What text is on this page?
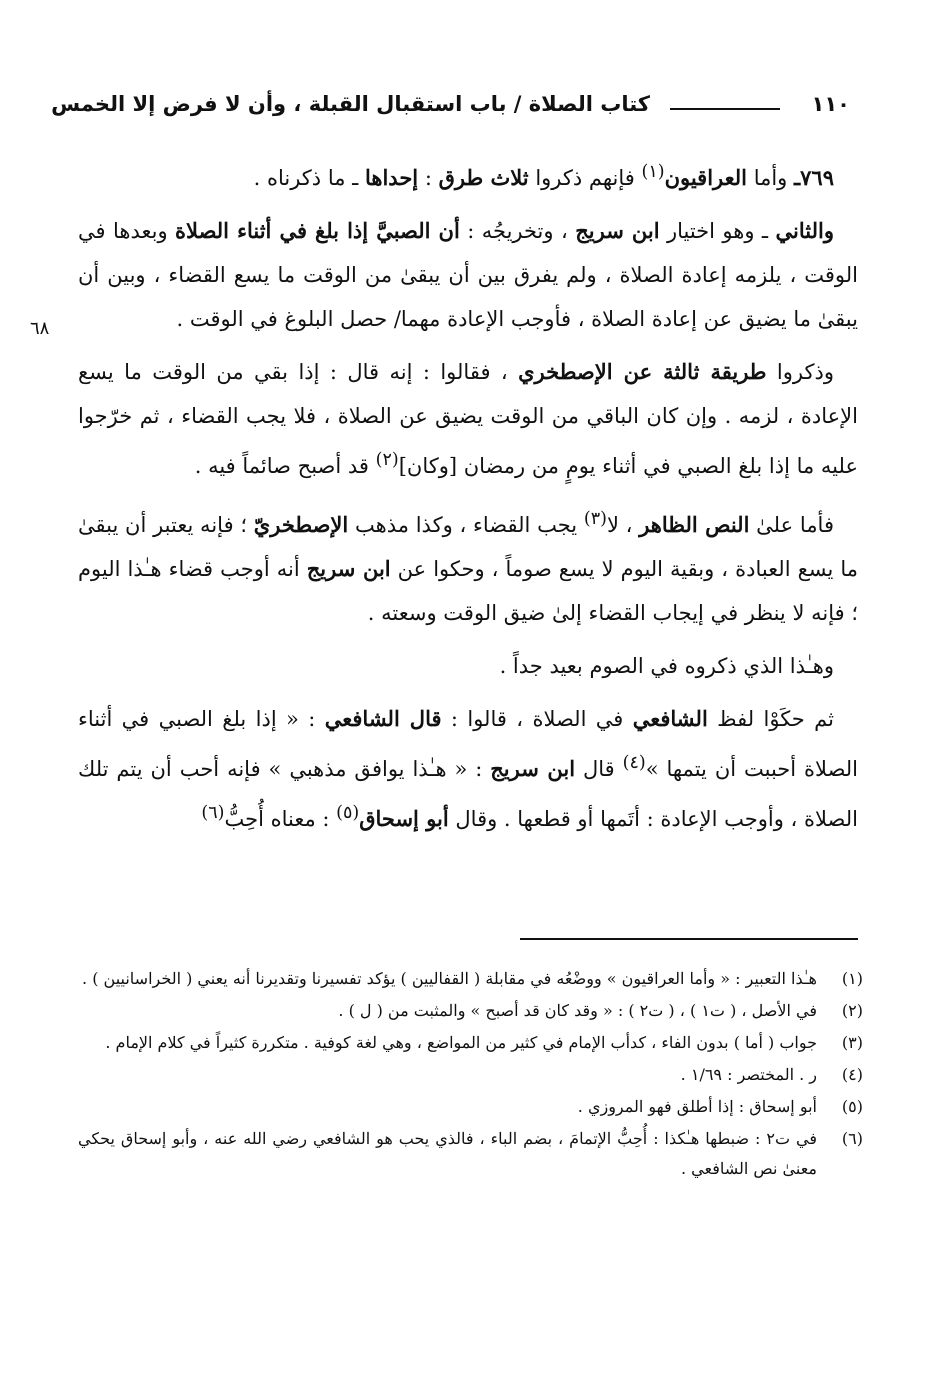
١١٠
كتاب الصلاة / باب استقبال القبلة ، وأن لا فرض إلا الخمس
٦٨

٧٦٩ـ وأما العراقيون$^{(١)}$ فإنهم ذكروا ثلاث طرق : إحداها ـ ما ذكرناه .

والثاني ـ وهو اختيار ابن سريج ، وتخريجُه : أن الصبيَّ إذا بلغ في أثناء الصلاة وبعدها في الوقت ، يلزمه إعادة الصلاة ، ولم يفرق بين أن يبقىٰ من الوقت ما يسع القضاء ، وبين أن يبقىٰ ما يضيق عن إعادة الصلاة ، فأوجب الإعادة مهما/ حصل البلوغ في الوقت .

وذكروا طريقة ثالثة عن الإصطخري ، فقالوا : إنه قال : إذا بقي من الوقت ما يسع الإعادة ، لزمه . وإن كان الباقي من الوقت يضيق عن الصلاة ، فلا يجب القضاء ، ثم خرّجوا عليه ما إذا بلغ الصبي في أثناء يومٍ من رمضان [وكان]$^{(٢)}$ قد أصبح صائماً فيه .

فأما علىٰ النص الظاهر ، لا$^{(٣)}$ يجب القضاء ، وكذا مذهب الإصطخريّ ؛ فإنه يعتبر أن يبقىٰ ما يسع العبادة ، وبقية اليوم لا يسع صوماً ، وحكوا عن ابن سريج أنه أوجب قضاء هـٰذا اليوم ؛ فإنه لا ينظر في إيجاب القضاء إلىٰ ضيق الوقت وسعته .

وهـٰذا الذي ذكروه في الصوم بعيد جداً .

ثم حكَوْا لفظ الشافعي في الصلاة ، قالوا : قال الشافعي : « إذا بلغ الصبي في أثناء الصلاة أحببت أن يتمها »$^{(٤)}$ قال ابن سريج : « هـٰذا يوافق مذهبي » فإنه أحب أن يتم تلك الصلاة ، وأوجب الإعادة : أتَمها أو قطعها . وقال أبو إسحاق$^{(٥)}$ : معناه أُحِبُّ$^{(٦)}$

(١)
هـٰذا التعبير : « وأما العراقيون » ووضْعُه في مقابلة ( القفاليين ) يؤكد تفسيرنا وتقديرنا أنه يعني ( الخراسانيين ) .
(٢)
في الأصل ، ( ت١ ) ، ( ت٢ ) : « وقد كان قد أصبح » والمثبت من ( ل ) .
(٣)
جواب ( أما ) بدون الفاء ، كدأب الإمام في كثير من المواضع ، وهي لغة كوفية . متكررة كثيراً في كلام الإمام .
(٤)
ر . المختصر : ١/٦٩ .
(٥)
أبو إسحاق : إذا أطلق فهو المروزي .
(٦)
في ت٢ : ضبطها هـٰكذا : أُحِبُّ الإتمامَ ، بضم الباء ، فالذي يحب هو الشافعي رضي الله عنه ، وأبو إسحاق يحكي معنىٰ نص الشافعي .
